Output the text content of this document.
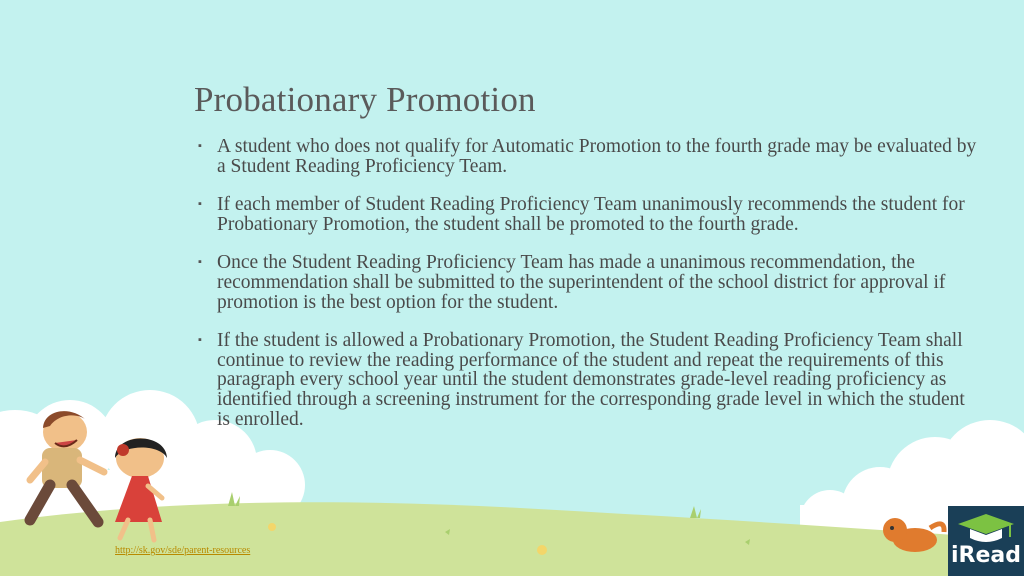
Probationary Promotion
▪ A student who does not qualify for Automatic Promotion to the fourth grade may be evaluated by a Student Reading Proficiency Team.
▪ If each member of Student Reading Proficiency Team unanimously recommends the student for Probationary Promotion, the student shall be promoted to the fourth grade.
▪ Once the Student Reading Proficiency Team has made a unanimous recommendation, the recommendation shall be submitted to the superintendent of the school district for approval if promotion is the best option for the student.
▪ If the student is allowed a Probationary Promotion, the Student Reading Proficiency Team shall continue to review the reading performance of the student and repeat the requirements of this paragraph every school year until the student demonstrates grade-level reading proficiency as identified through a screening instrument for the corresponding grade level in which the student is enrolled.
http://sk.gov/sde/parent-resources	iRead
